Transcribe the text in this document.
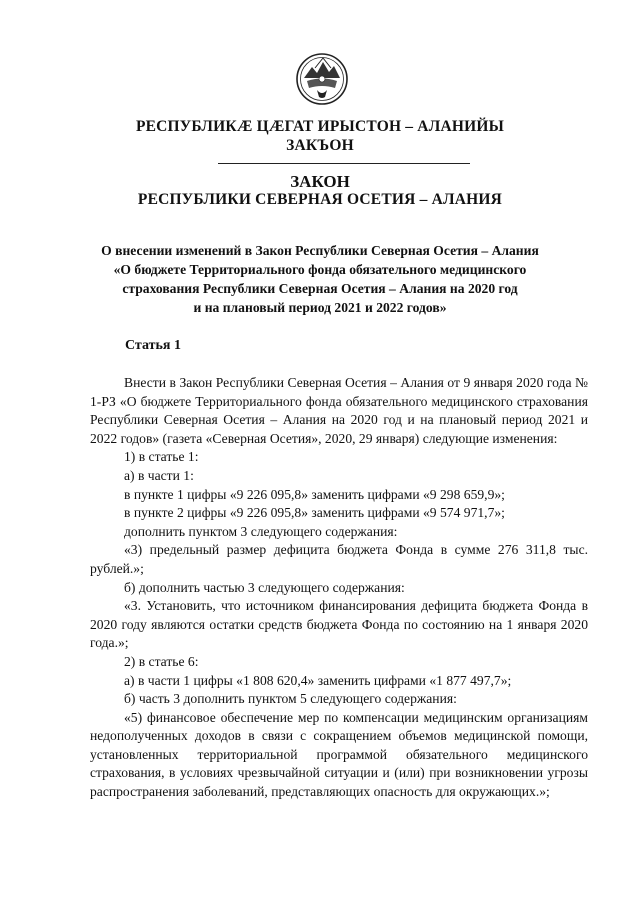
РЕСПУБЛИКÆ ЦÆГАТ ИРЫСТОН – АЛАНИЙЫ
ЗАКЪОН
ЗАКОН
РЕСПУБЛИКИ СЕВЕРНАЯ ОСЕТИЯ – АЛАНИЯ
О внесении изменений в Закон Республики Северная Осетия – Алания
«О бюджете Территориального фонда обязательного медицинского
страхования Республики Северная Осетия – Алания на 2020 год
и на плановый период 2021 и 2022 годов»
Статья 1

Внести в Закон Республики Северная Осетия – Алания от 9 января 2020 года № 1-РЗ «О бюджете Территориального фонда обязательного медицинского страхования Республики Северная Осетия – Алания на 2020 год и на плановый период 2021 и 2022 годов» (газета «Северная Осетия», 2020, 29 января) следующие изменения:

1) в статье 1:

а) в части 1:

в пункте 1 цифры «9 226 095,8» заменить цифрами «9 298 659,9»;

в пункте 2 цифры «9 226 095,8» заменить цифрами «9 574 971,7»;

дополнить пунктом 3 следующего содержания:

«3) предельный размер дефицита бюджета Фонда в сумме 276 311,8 тыс. рублей.»;

б) дополнить частью 3 следующего содержания:

«3. Установить, что источником финансирования дефицита бюджета Фонда в 2020 году являются остатки средств бюджета Фонда по состоянию на 1 января 2020 года.»;

2) в статье 6:

а) в части 1 цифры «1 808 620,4» заменить цифрами «1 877 497,7»;

б) часть 3 дополнить пунктом 5 следующего содержания:

«5) финансовое обеспечение мер по компенсации медицинским организациям недополученных доходов в связи с сокращением объемов медицинской помощи, установленных территориальной программой обязательного медицинского страхования, в условиях чрезвычайной ситуации и (или) при возникновении угрозы распространения заболеваний, представляющих опасность для окружающих.»;
